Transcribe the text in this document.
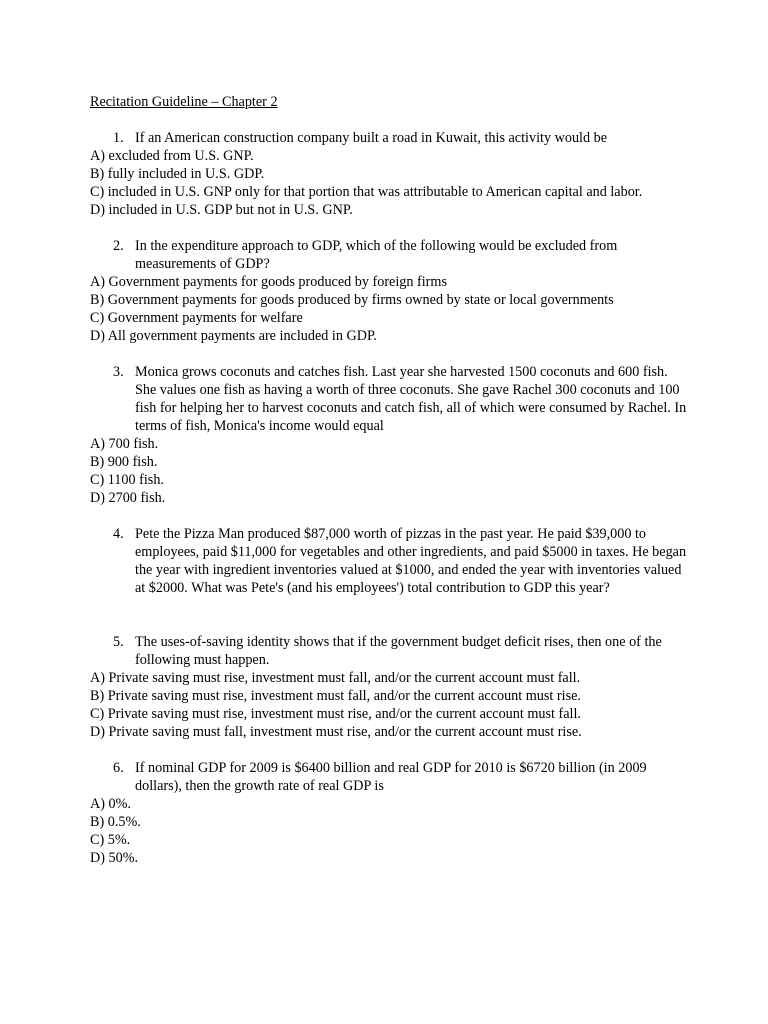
Recitation Guideline – Chapter 2
1. If an American construction company built a road in Kuwait, this activity would be
A) excluded from U.S. GNP.
B) fully included in U.S. GDP.
C) included in U.S. GNP only for that portion that was attributable to American capital and labor.
D) included in U.S. GDP but not in U.S. GNP.
2. In the expenditure approach to GDP, which of the following would be excluded from measurements of GDP?
A) Government payments for goods produced by foreign firms
B) Government payments for goods produced by firms owned by state or local governments
C) Government payments for welfare
D) All government payments are included in GDP.
3. Monica grows coconuts and catches fish. Last year she harvested 1500 coconuts and 600 fish. She values one fish as having a worth of three coconuts. She gave Rachel 300 coconuts and 100 fish for helping her to harvest coconuts and catch fish, all of which were consumed by Rachel. In terms of fish, Monica's income would equal
A) 700 fish.
B) 900 fish.
C) 1100 fish.
D) 2700 fish.
4. Pete the Pizza Man produced $87,000 worth of pizzas in the past year. He paid $39,000 to employees, paid $11,000 for vegetables and other ingredients, and paid $5000 in taxes. He began the year with ingredient inventories valued at $1000, and ended the year with inventories valued at $2000. What was Pete's (and his employees') total contribution to GDP this year?
5. The uses-of-saving identity shows that if the government budget deficit rises, then one of the following must happen.
A) Private saving must rise, investment must fall, and/or the current account must fall.
B) Private saving must rise, investment must fall, and/or the current account must rise.
C) Private saving must rise, investment must rise, and/or the current account must fall.
D) Private saving must fall, investment must rise, and/or the current account must rise.
6. If nominal GDP for 2009 is $6400 billion and real GDP for 2010 is $6720 billion (in 2009 dollars), then the growth rate of real GDP is
A) 0%.
B) 0.5%.
C) 5%.
D) 50%.
